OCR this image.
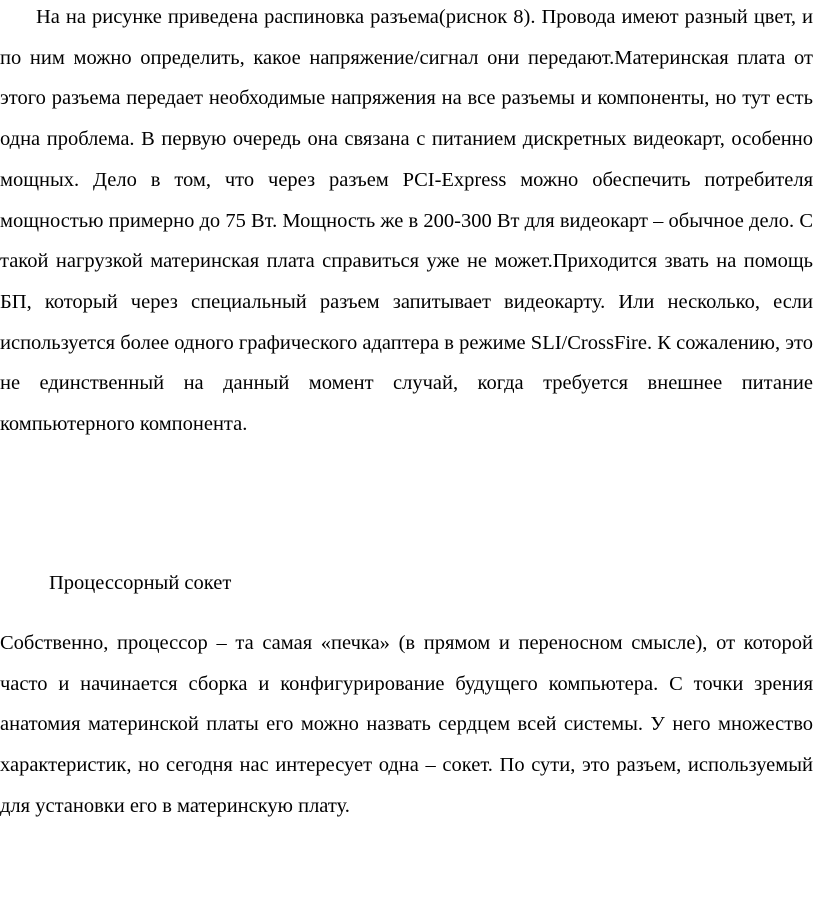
На на рисунке приведена распиновка разъема(риснок 8). Провода имеют разный цвет, и по ним можно определить, какое напряжение/сигнал они передают.Материнская плата от этого разъема передает необходимые напряжения на все разъемы и компоненты, но тут есть одна проблема. В первую очередь она связана с питанием дискретных видеокарт, особенно мощных. Дело в том, что через разъем PCI-Express можно обеспечить потребителя мощностью примерно до 75 Вт. Мощность же в 200-300 Вт для видеокарт – обычное дело. С такой нагрузкой материнская плата справиться уже не может.Приходится звать на помощь БП, который через специальный разъем запитывает видеокарту. Или несколько, если используется более одного графического адаптера в режиме SLI/CrossFire. К сожалению, это не единственный на данный момент случай, когда требуется внешнее питание компьютерного компонента.

Процессорный сокет

Собственно, процессор – та самая «печка» (в прямом и переносном смысле), от которой часто и начинается сборка и конфигурирование будущего компьютера. С точки зрения анатомия материнской платы его можно назвать сердцем всей системы. У него множество характеристик, но сегодня нас интересует одна – сокет. По сути, это разъем, используемый для установки его в материнскую плату.
